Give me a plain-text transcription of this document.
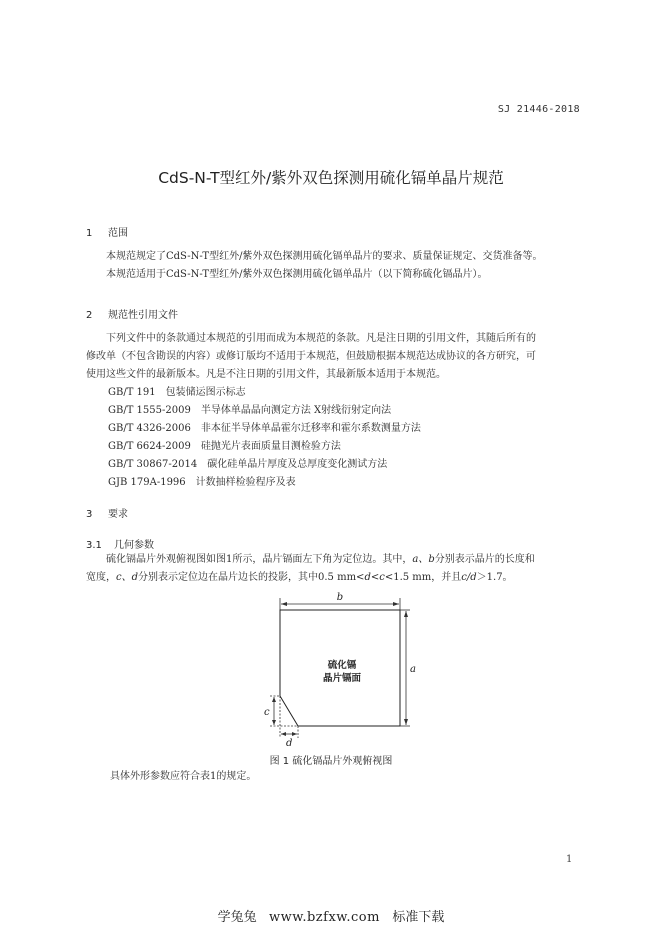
SJ 21446-2018
CdS-N-T型红外/紫外双色探测用硫化镉单晶片规范
1 范围

本规范规定了CdS-N-T型红外/紫外双色探测用硫化镉单晶片的要求、质量保证规定、交货准备等。

本规范适用于CdS-N-T型红外/紫外双色探测用硫化镉单晶片（以下简称硫化镉晶片）。

2 规范性引用文件

下列文件中的条款通过本规范的引用而成为本规范的条款。凡是注日期的引用文件，其随后所有的

修改单（不包含勘误的内容）或修订版均不适用于本规范，但鼓励根据本规范达成协议的各方研究，可

使用这些文件的最新版本。凡是不注日期的引用文件，其最新版本适用于本规范。

GB/T 191 包装储运图示标志

GB/T 1555-2009 半导体单晶晶向测定方法 X射线衍射定向法

GB/T 4326-2006 非本征半导体单晶霍尔迁移率和霍尔系数测量方法

GB/T 6624-2009 硅抛光片表面质量目测检验方法

GB/T 30867-2014 碳化硅单晶片厚度及总厚度变化测试方法

GJB 179A-1996 计数抽样检验程序及表

3 要求
3.1 几何参数

硫化镉晶片外观俯视图如图1所示，晶片镉面左下角为定位边。其中，a、b分别表示晶片的长度和

宽度，c、d分别表示定位边在晶片边长的投影，其中0.5 mm<d<c<1.5 mm，并且c/d＞1.7。

b
硫化镉
晶片镉面
a
c
d
图 1 硫化镉晶片外观俯视图

具体外形参数应符合表1的规定。

1
学兔兔 www.bzfxw.com 标准下载
